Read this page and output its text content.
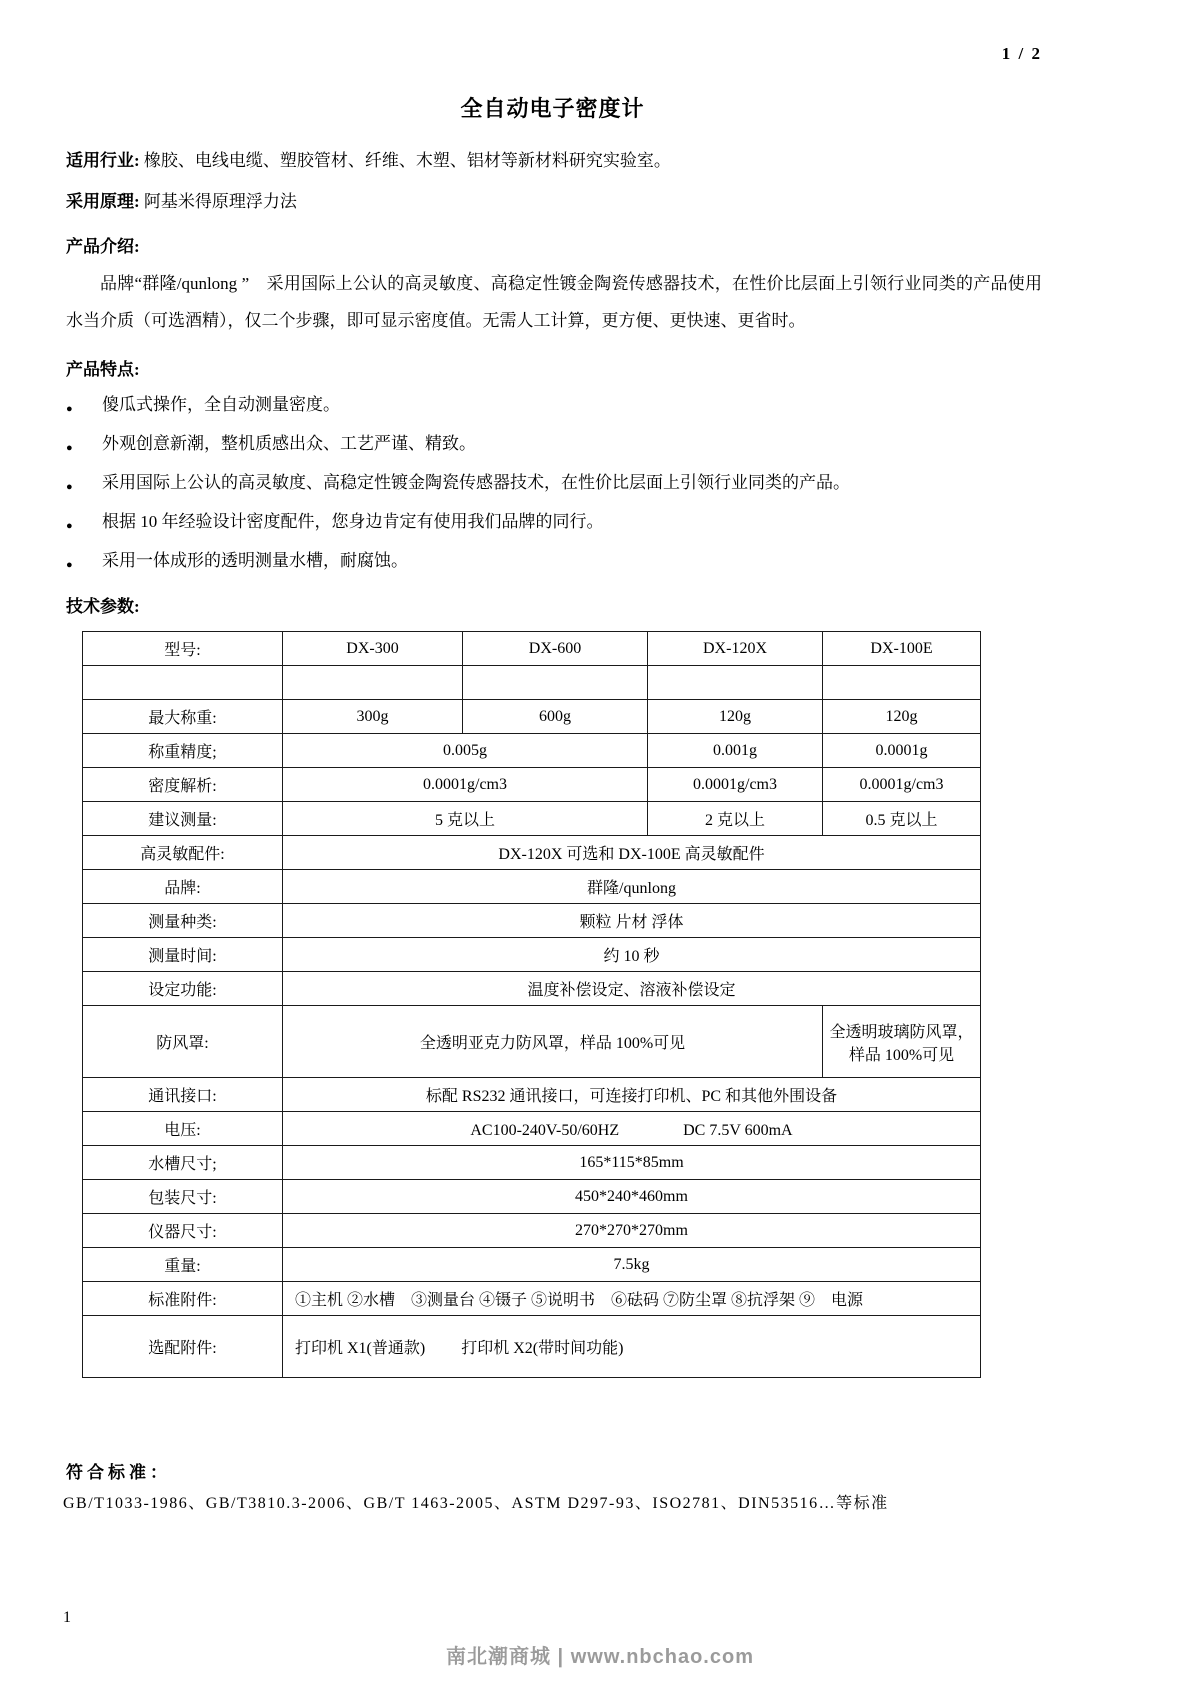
1 / 2
全自动电子密度计

适用行业: 橡胶、电线电缆、塑胶管材、纤维、木塑、铝材等新材料研究实验室。

采用原理: 阿基米得原理浮力法

产品介绍:

品牌“群隆/qunlong ”　采用国际上公认的高灵敏度、高稳定性镀金陶瓷传感器技术，在性价比层面上引领行业同类的产品使用水当介质（可选酒精），仅二个步骤，即可显示密度值。无需人工计算，更方便、更快速、更省时。

产品特点:

●	傻瓜式操作，全自动测量密度。
●	外观创意新潮，整机质感出众、工艺严谨、精致。
●	采用国际上公认的高灵敏度、高稳定性镀金陶瓷传感器技术，在性价比层面上引领行业同类的产品。
●	根据 10 年经验设计密度配件，您身边肯定有使用我们品牌的同行。
●	采用一体成形的透明测量水槽，耐腐蚀。

技术参数:

型号:	DX-300	DX-600	DX-120X	DX-100E

最大称重:	300g	600g	120g	120g
称重精度;	0.005g		0.001g	0.0001g
密度解析:	0.0001g/cm3		0.0001g/cm3	0.0001g/cm3
建议测量:	5 克以上		2 克以上	0.5 克以上
高灵敏配件:	DX-120X 可选和 DX-100E 高灵敏配件			
品牌:	群隆/qunlong			
测量种类:	颗粒 片材 浮体			
测量时间:	约 10 秒			
设定功能:	温度补偿设定、溶液补偿设定			
防风罩:	全透明亚克力防风罩，样品 100%可见			全透明玻璃防风罩，样品 100%可见
通讯接口:	标配 RS232 通讯接口，可连接打印机、PC 和其他外围设备			
电压:	AC100-240V-50/60HZ　　　　DC 7.5V 600mA			
水槽尺寸;	165*115*85mm			
包装尺寸:	450*240*460mm			
仪器尺寸:	270*270*270mm			
重量:	7.5kg			
标准附件:	①主机 ②水槽　③测量台 ④镊子 ⑤说明书　⑥砝码 ⑦防尘罩 ⑧抗浮架 ⑨　电源			
选配附件:	打印机 X1(普通款)　　 打印机 X2(带时间功能)			

符合标准：

GB/T1033-1986、GB/T3810.3-2006、GB/T 1463-2005、ASTM D297-93、ISO2781、DIN53516…等标准

1
南北潮商城 | www.nbchao.com
